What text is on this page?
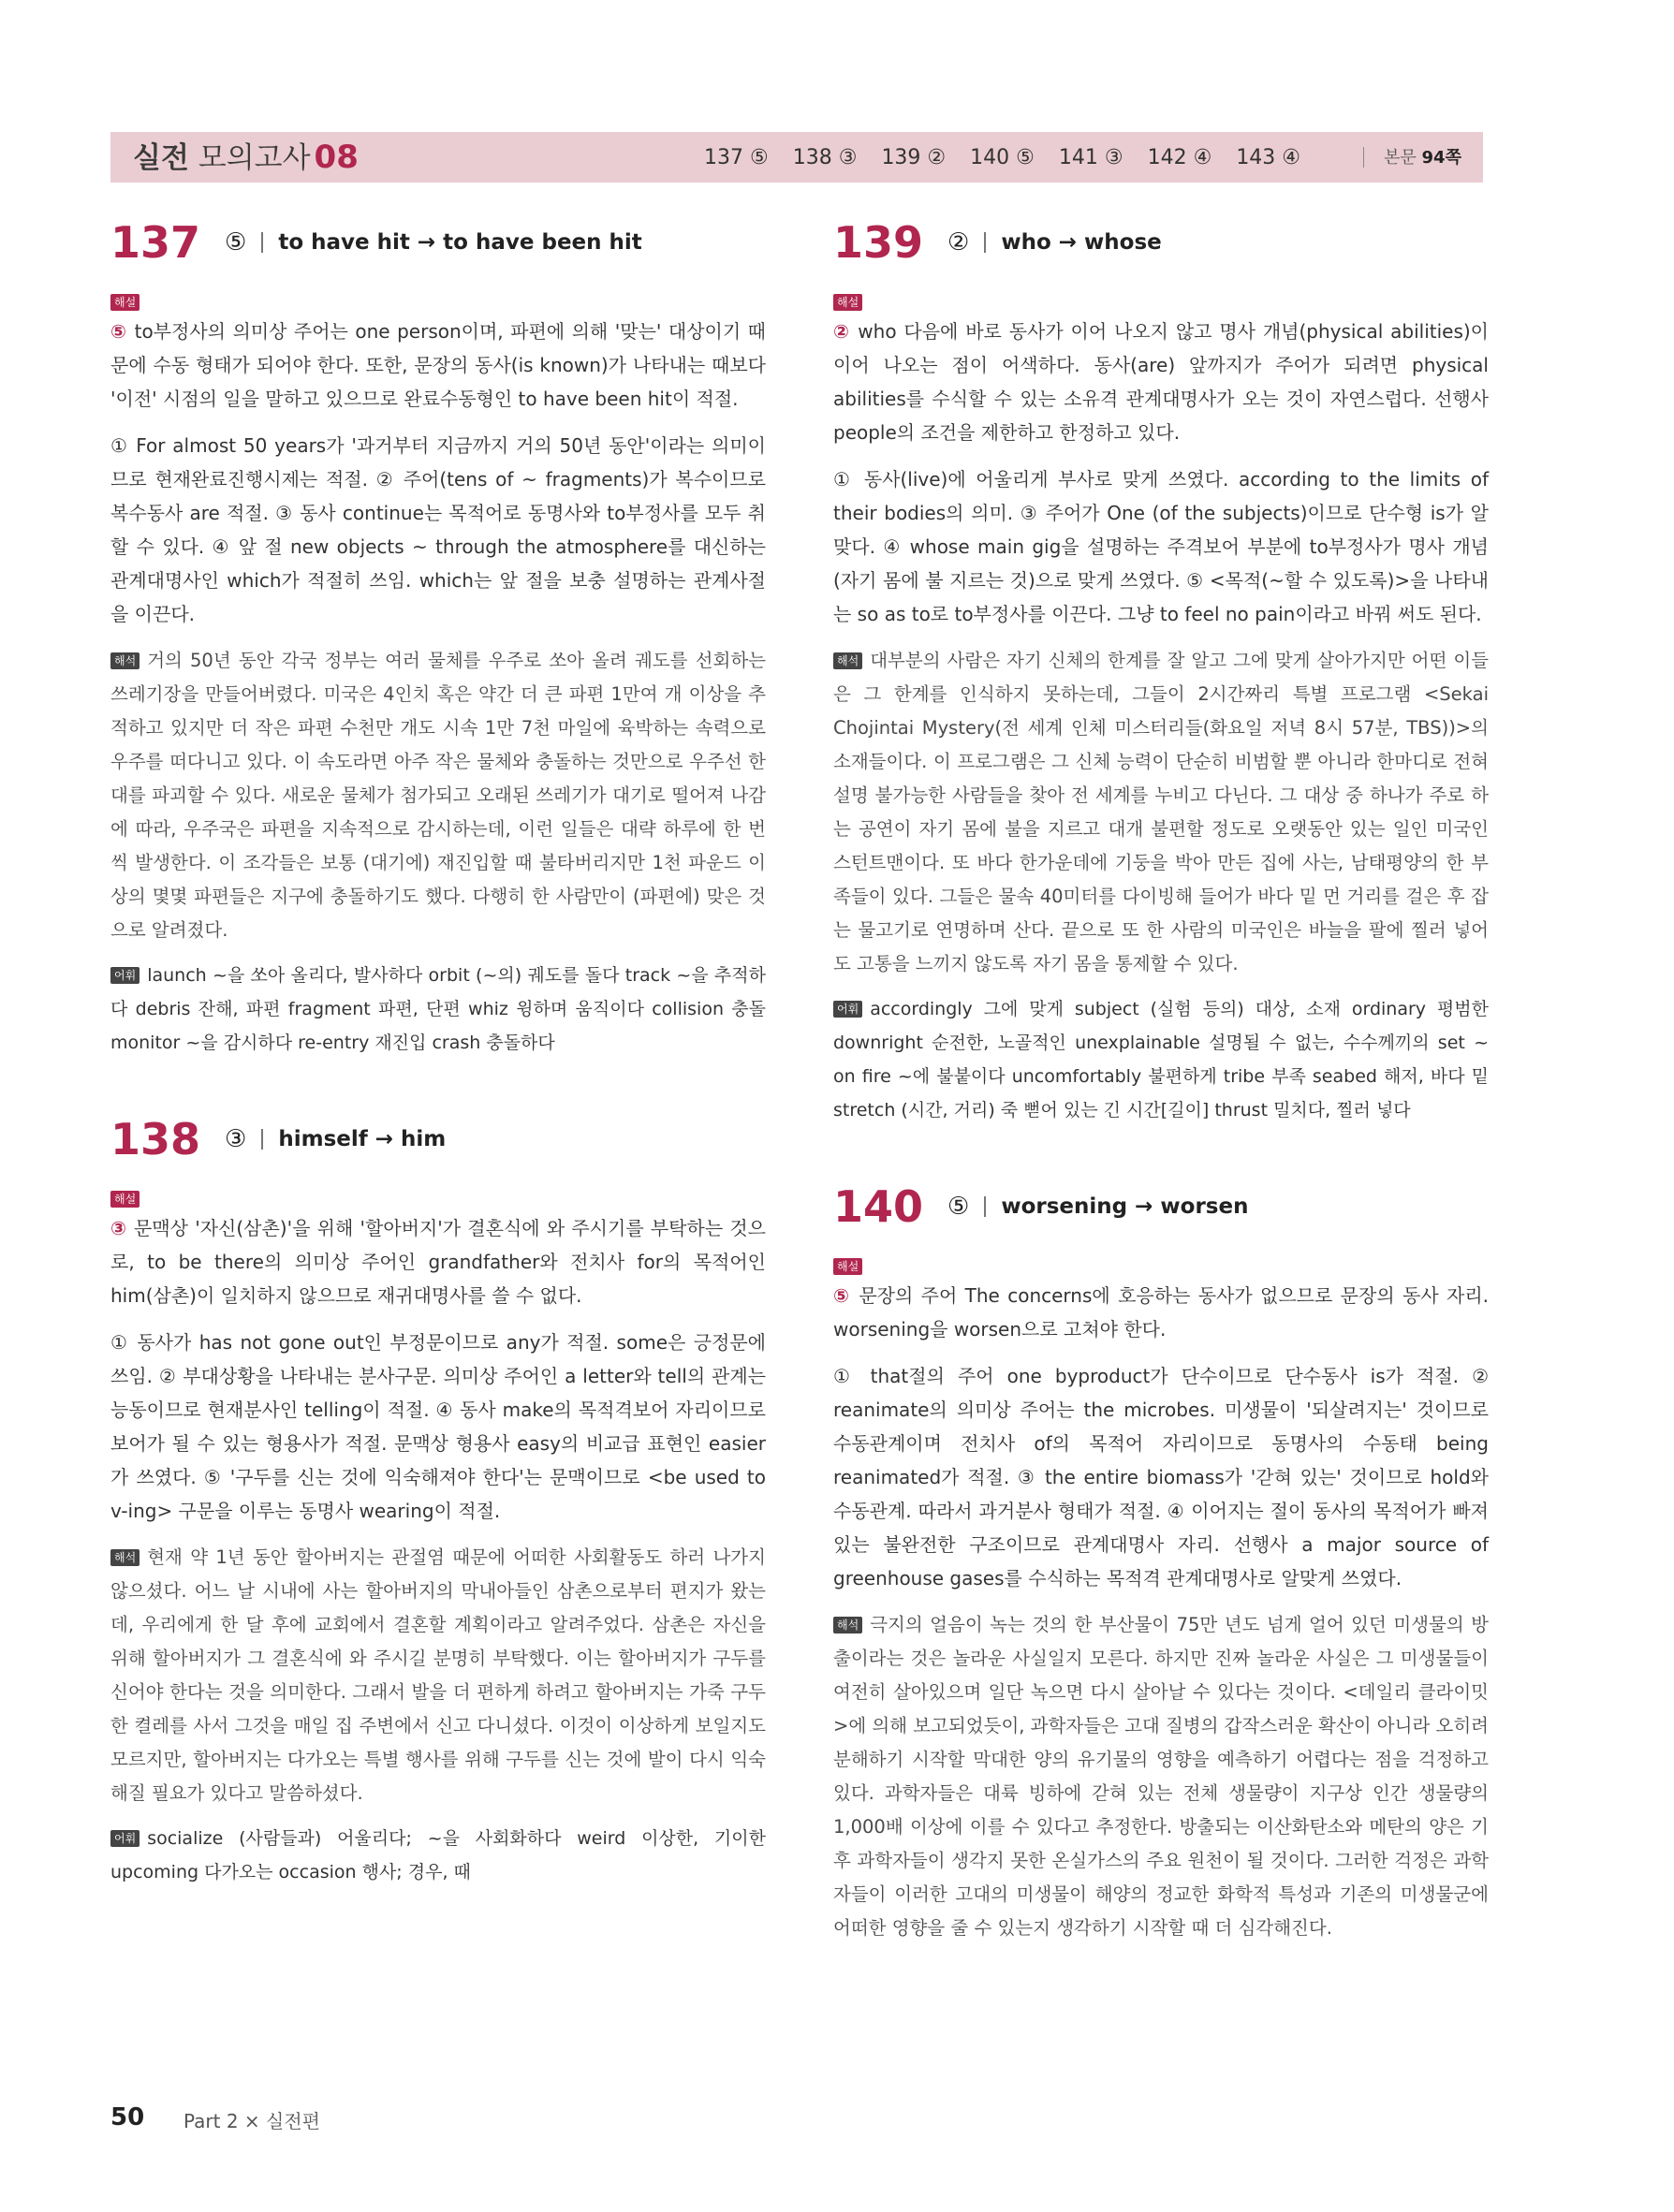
실전 모의고사 08	137 ⑤ 138 ③ 139 ② 140 ⑤ 141 ③ 142 ④ 143 ④	본문 94쪽
137 ⑤ to have hit → to have been hit
해설

⑤ to부정사의 의미상 주어는 one person이며, 파편에 의해 '맞는' 대상이기 때문에 수동 형태가 되어야 한다. 또한, 문장의 동사(is known)가 나타내는 때보다 '이전' 시점의 일을 말하고 있으므로 완료수동형인 to have been hit이 적절.

① For almost 50 years가 '과거부터 지금까지 거의 50년 동안'이라는 의미이므로 현재완료진행시제는 적절. ② 주어(tens of ~ fragments)가 복수이므로 복수동사 are 적절. ③ 동사 continue는 목적어로 동명사와 to부정사를 모두 취할 수 있다. ④ 앞 절 new objects ~ through the atmosphere를 대신하는 관계대명사인 which가 적절히 쓰임. which는 앞 절을 보충 설명하는 관계사절을 이끈다.

해석 거의 50년 동안 각국 정부는 여러 물체를 우주로 쏘아 올려 궤도를 선회하는 쓰레기장을 만들어버렸다. 미국은 4인치 혹은 약간 더 큰 파편 1만여 개 이상을 추적하고 있지만 더 작은 파편 수천만 개도 시속 1만 7천 마일에 육박하는 속력으로 우주를 떠다니고 있다. 이 속도라면 아주 작은 물체와 충돌하는 것만으로 우주선 한 대를 파괴할 수 있다. 새로운 물체가 첨가되고 오래된 쓰레기가 대기로 떨어져 나감에 따라, 우주국은 파편을 지속적으로 감시하는데, 이런 일들은 대략 하루에 한 번씩 발생한다. 이 조각들은 보통 (대기에) 재진입할 때 불타버리지만 1천 파운드 이상의 몇몇 파편들은 지구에 충돌하기도 했다. 다행히 한 사람만이 (파편에) 맞은 것으로 알려졌다.

어휘 launch ~을 쏘아 올리다, 발사하다 orbit (~의) 궤도를 돌다 track ~을 추적하다 debris 잔해, 파편 fragment 파편, 단편 whiz 윙하며 움직이다 collision 충돌 monitor ~을 감시하다 re-entry 재진입 crash 충돌하다

138 ③ himself → him
해설

③ 문맥상 '자신(삼촌)'을 위해 '할아버지'가 결혼식에 와 주시기를 부탁하는 것으로, to be there의 의미상 주어인 grandfather와 전치사 for의 목적어인 him(삼촌)이 일치하지 않으므로 재귀대명사를 쓸 수 없다.

① 동사가 has not gone out인 부정문이므로 any가 적절. some은 긍정문에 쓰임. ② 부대상황을 나타내는 분사구문. 의미상 주어인 a letter와 tell의 관계는 능동이므로 현재분사인 telling이 적절. ④ 동사 make의 목적격보어 자리이므로 보어가 될 수 있는 형용사가 적절. 문맥상 형용사 easy의 비교급 표현인 easier가 쓰였다. ⑤ '구두를 신는 것에 익숙해져야 한다'는 문맥이므로 <be used to v-ing> 구문을 이루는 동명사 wearing이 적절.

해석 현재 약 1년 동안 할아버지는 관절염 때문에 어떠한 사회활동도 하러 나가지 않으셨다. 어느 날 시내에 사는 할아버지의 막내아들인 삼촌으로부터 편지가 왔는데, 우리에게 한 달 후에 교회에서 결혼할 계획이라고 알려주었다. 삼촌은 자신을 위해 할아버지가 그 결혼식에 와 주시길 분명히 부탁했다. 이는 할아버지가 구두를 신어야 한다는 것을 의미한다. 그래서 발을 더 편하게 하려고 할아버지는 가죽 구두 한 켤레를 사서 그것을 매일 집 주변에서 신고 다니셨다. 이것이 이상하게 보일지도 모르지만, 할아버지는 다가오는 특별 행사를 위해 구두를 신는 것에 발이 다시 익숙해질 필요가 있다고 말씀하셨다.

어휘 socialize (사람들과) 어울리다; ~을 사회화하다 weird 이상한, 기이한 upcoming 다가오는 occasion 행사; 경우, 때

139 ② who → whose
해설

② who 다음에 바로 동사가 이어 나오지 않고 명사 개념(physical abilities)이 이어 나오는 점이 어색하다. 동사(are) 앞까지가 주어가 되려면 physical abilities를 수식할 수 있는 소유격 관계대명사가 오는 것이 자연스럽다. 선행사 people의 조건을 제한하고 한정하고 있다.

① 동사(live)에 어울리게 부사로 맞게 쓰였다. according to the limits of their bodies의 의미. ③ 주어가 One (of the subjects)이므로 단수형 is가 알맞다. ④ whose main gig을 설명하는 주격보어 부분에 to부정사가 명사 개념(자기 몸에 불 지르는 것)으로 맞게 쓰였다. ⑤ <목적(~할 수 있도록)>을 나타내는 so as to로 to부정사를 이끈다. 그냥 to feel no pain이라고 바꿔 써도 된다.

해석 대부분의 사람은 자기 신체의 한계를 잘 알고 그에 맞게 살아가지만 어떤 이들은 그 한계를 인식하지 못하는데, 그들이 2시간짜리 특별 프로그램 <Sekai Chojintai Mystery(전 세계 인체 미스터리들(화요일 저녁 8시 57분, TBS))>의 소재들이다. 이 프로그램은 그 신체 능력이 단순히 비범할 뿐 아니라 한마디로 전혀 설명 불가능한 사람들을 찾아 전 세계를 누비고 다닌다. 그 대상 중 하나가 주로 하는 공연이 자기 몸에 불을 지르고 대개 불편할 정도로 오랫동안 있는 일인 미국인 스턴트맨이다. 또 바다 한가운데에 기둥을 박아 만든 집에 사는, 남태평양의 한 부족들이 있다. 그들은 물속 40미터를 다이빙해 들어가 바다 밑 먼 거리를 걸은 후 잡는 물고기로 연명하며 산다. 끝으로 또 한 사람의 미국인은 바늘을 팔에 찔러 넣어도 고통을 느끼지 않도록 자기 몸을 통제할 수 있다.

어휘 accordingly 그에 맞게 subject (실험 등의) 대상, 소재 ordinary 평범한 downright 순전한, 노골적인 unexplainable 설명될 수 없는, 수수께끼의 set ~ on fire ~에 불붙이다 uncomfortably 불편하게 tribe 부족 seabed 해저, 바다 밑 stretch (시간, 거리) 죽 뻗어 있는 긴 시간[길이] thrust 밀치다, 찔러 넣다

140 ⑤ worsening → worsen
해설

⑤ 문장의 주어 The concerns에 호응하는 동사가 없으므로 문장의 동사 자리. worsening을 worsen으로 고쳐야 한다.

① that절의 주어 one byproduct가 단수이므로 단수동사 is가 적절. ② reanimate의 의미상 주어는 the microbes. 미생물이 '되살려지는' 것이므로 수동관계이며 전치사 of의 목적어 자리이므로 동명사의 수동태 being reanimated가 적절. ③ the entire biomass가 '갇혀 있는' 것이므로 hold와 수동관계. 따라서 과거분사 형태가 적절. ④ 이어지는 절이 동사의 목적어가 빠져 있는 불완전한 구조이므로 관계대명사 자리. 선행사 a major source of greenhouse gases를 수식하는 목적격 관계대명사로 알맞게 쓰였다.

해석 극지의 얼음이 녹는 것의 한 부산물이 75만 년도 넘게 얼어 있던 미생물의 방출이라는 것은 놀라운 사실일지 모른다. 하지만 진짜 놀라운 사실은 그 미생물들이 여전히 살아있으며 일단 녹으면 다시 살아날 수 있다는 것이다. <데일리 클라이밋>에 의해 보고되었듯이, 과학자들은 고대 질병의 갑작스러운 확산이 아니라 오히려 분해하기 시작할 막대한 양의 유기물의 영향을 예측하기 어렵다는 점을 걱정하고 있다. 과학자들은 대륙 빙하에 갇혀 있는 전체 생물량이 지구상 인간 생물량의 1,000배 이상에 이를 수 있다고 추정한다. 방출되는 이산화탄소와 메탄의 양은 기후 과학자들이 생각지 못한 온실가스의 주요 원천이 될 것이다. 그러한 걱정은 과학자들이 이러한 고대의 미생물이 해양의 정교한 화학적 특성과 기존의 미생물군에 어떠한 영향을 줄 수 있는지 생각하기 시작할 때 더 심각해진다.

50 Part 2 × 실전편
